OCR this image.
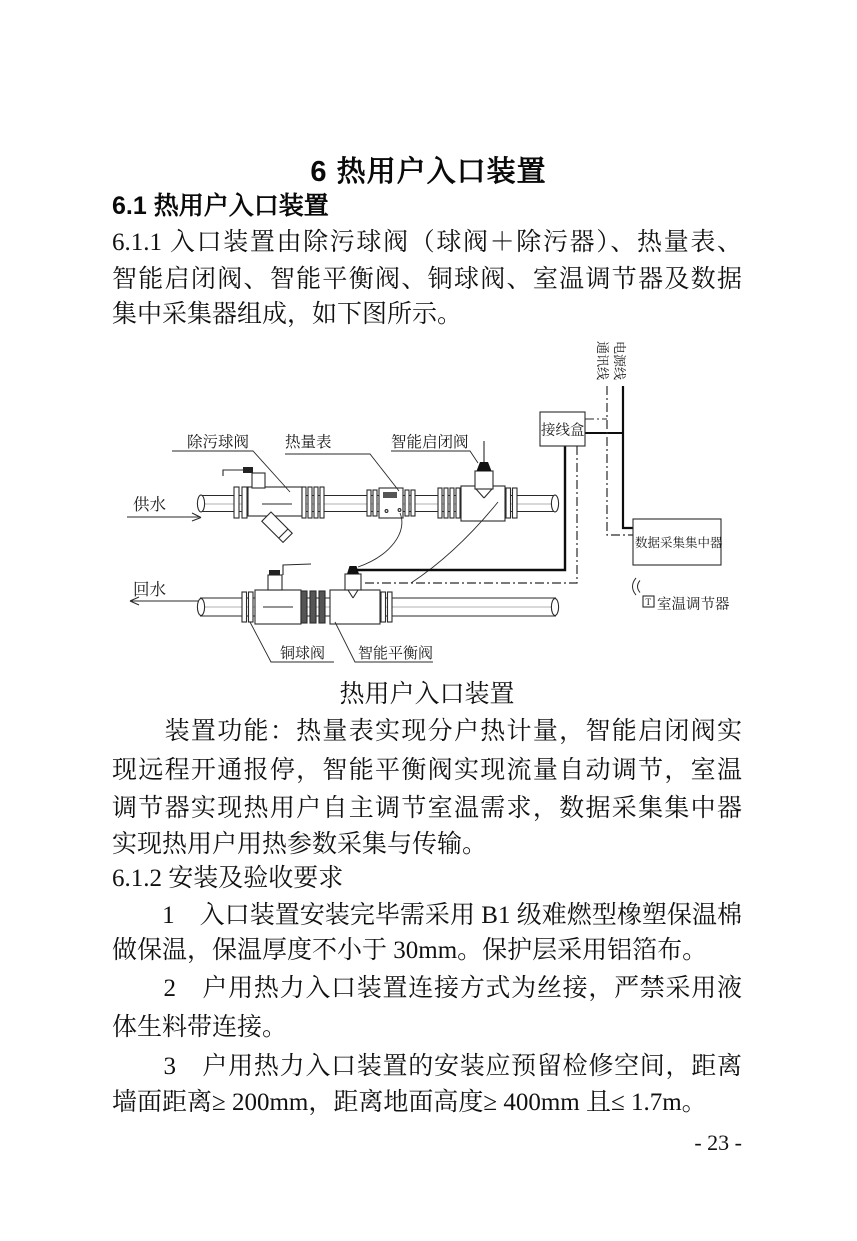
6 热用户入口装置
6.1 热用户入口装置
6.1.1 入口装置由除污球阀（球阀＋除污器）、热量表、
智能启闭阀、智能平衡阀、铜球阀、室温调节器及数据
集中采集器组成，如下图所示。
除污球阀 热量表	智能启闭阀
供水
回水
铜球阀 智能平衡阀
接线盒
数据采集集中器
T 室温调节器
通讯线 电源线
热用户入口装置
　　装置功能：热量表实现分户热计量，智能启闭阀实
现远程开通报停，智能平衡阀实现流量自动调节，室温
调节器实现热用户自主调节室温需求，数据采集集中器
实现热用户用热参数采集与传输。
6.1.2 安装及验收要求
　　1　入口装置安装完毕需采用 B1 级难燃型橡塑保温棉
做保温，保温厚度不小于 30mm。保护层采用铝箔布。
　　2　户用热力入口装置连接方式为丝接，严禁采用液
体生料带连接。
　　3　户用热力入口装置的安装应预留检修空间，距离
墙面距离≥ 200mm，距离地面高度≥ 400mm 且≤ 1.7m。
- 23 -
